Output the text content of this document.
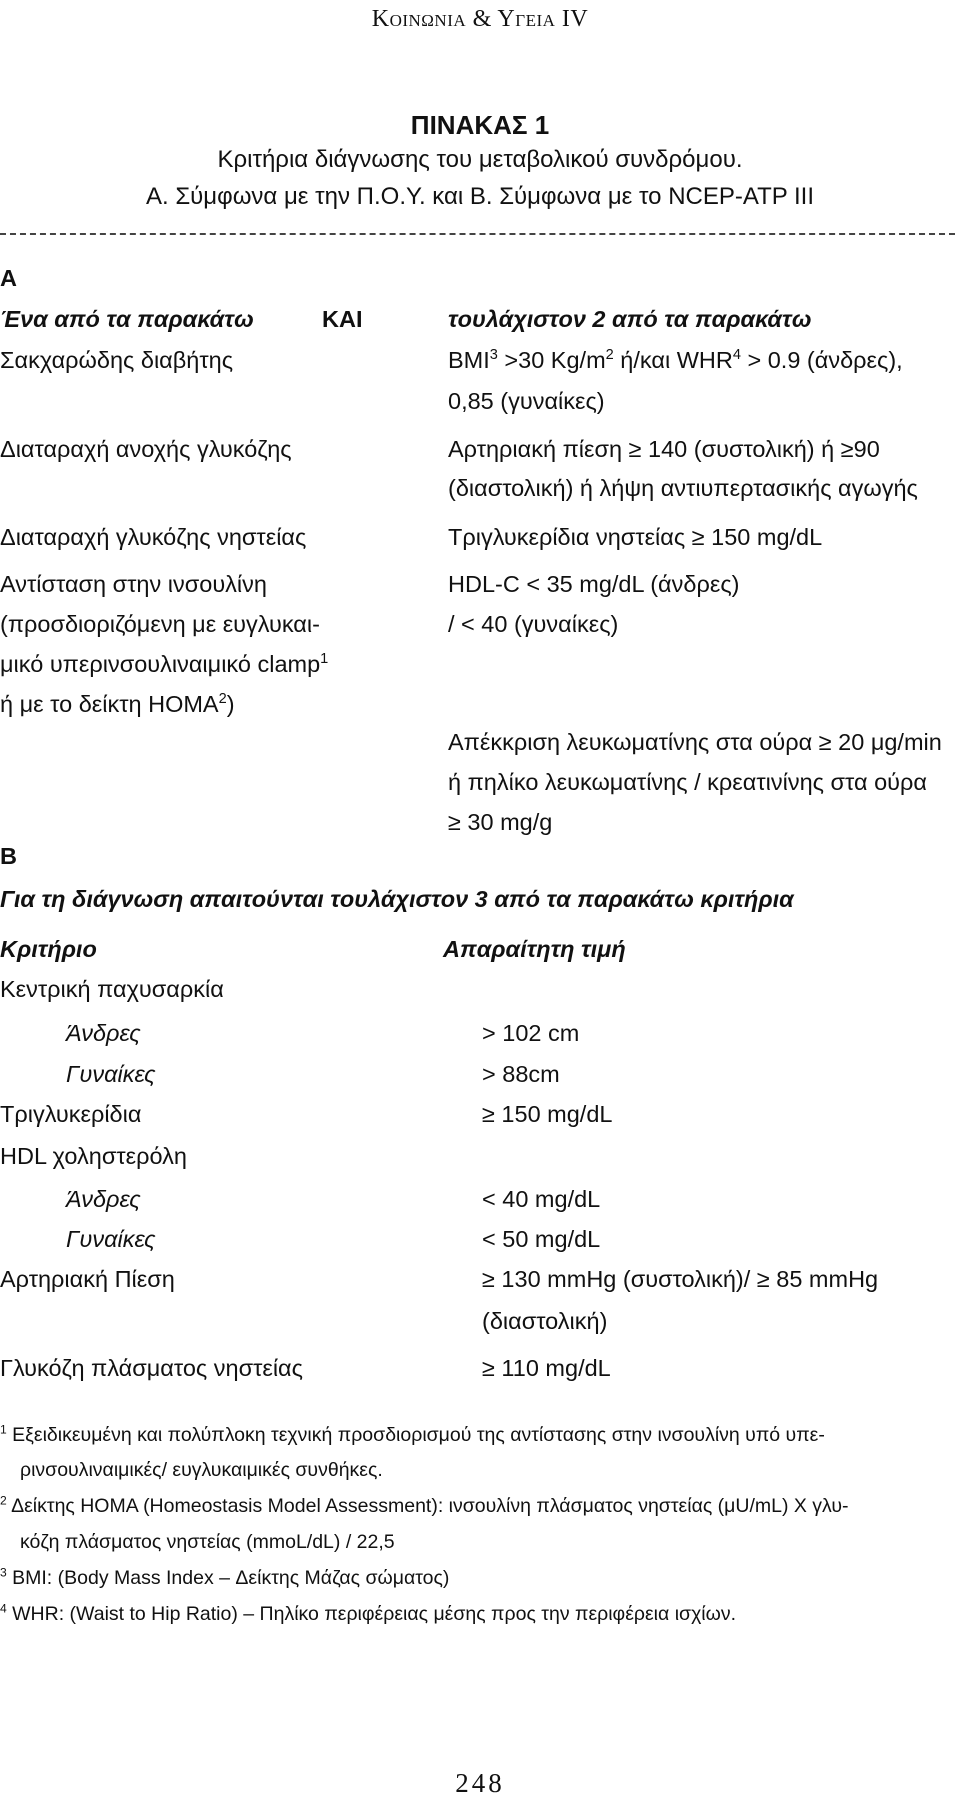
Κοινωνια & Υγεια IV
ΠΙΝΑΚΑΣ 1
Κριτήρια διάγνωσης του μεταβολικού συνδρόμου.
Α. Σύμφωνα με την Π.Ο.Υ. και Β. Σύμφωνα με το NCEP-ATP III
A
Ένα από τα παρακάτω	ΚΑΙ	τουλάχιστον 2 από τα παρακάτω
Σακχαρώδης διαβήτης	$BMI^3 >30$ $Kg/m^2$ ή/και $WHR^4 > 0.9$ (άνδρες),
0,85 (γυναίκες)
Διαταραχή ανοχής γλυκόζης	Αρτηριακή πίεση ≥ 140 (συστολική) ή ≥90
(διαστολική) ή λήψη αντιυπερτασικής αγωγής
Διαταραχή γλυκόζης νηστείας	Τριγλυκερίδια νηστείας ≥ 150 mg/dL
Αντίσταση στην ινσουλίνη	HDL-C < 35 mg/dL (άνδρες)
(προσδιοριζόμενη με ευγλυκαι-	/ < 40 (γυναίκες)
μικό υπερινσουλιναιμικό clamp$^1$
ή με το δείκτη HOMA$^2$)
Απέκκριση λευκωματίνης στα ούρα ≥ 20 μg/min
ή πηλίκο λευκωματίνης / κρεατινίνης στα ούρα
≥ 30 mg/g
B
Για τη διάγνωση απαιτούνται τουλάχιστον 3 από τα παρακάτω κριτήρια
Κριτήριο	Απαραίτητη τιμή
Κεντρική παχυσαρκία
Άνδρες	> 102 cm
Γυναίκες	> 88cm
Τριγλυκερίδια	≥ 150 mg/dL
HDL χοληστερόλη
Άνδρες	< 40 mg/dL
Γυναίκες	< 50 mg/dL
Αρτηριακή Πίεση	≥ 130 mmHg (συστολική)/ ≥ 85 mmHg
(διαστολική)
Γλυκόζη πλάσματος νηστείας	≥ 110 mg/dL
$^1$ Εξειδικευμένη και πολύπλοκη τεχνική προσδιορισμού της αντίστασης στην ινσουλίνη υπό υπε-
ρινσουλιναιμικές/ ευγλυκαιμικές συνθήκες.
$^2$ Δείκτης HOMA (Homeostasis Model Assessment): ινσουλίνη πλάσματος νηστείας (μU/mL) X γλυ-
κόζη πλάσματος νηστείας (mmoL/dL) / 22,5
$^3$ BMI: (Body Mass Index – Δείκτης Μάζας σώματος)
$^4$ WHR: (Waist to Hip Ratio) – Πηλίκο περιφέρειας μέσης προς την περιφέρεια ισχίων.
248
